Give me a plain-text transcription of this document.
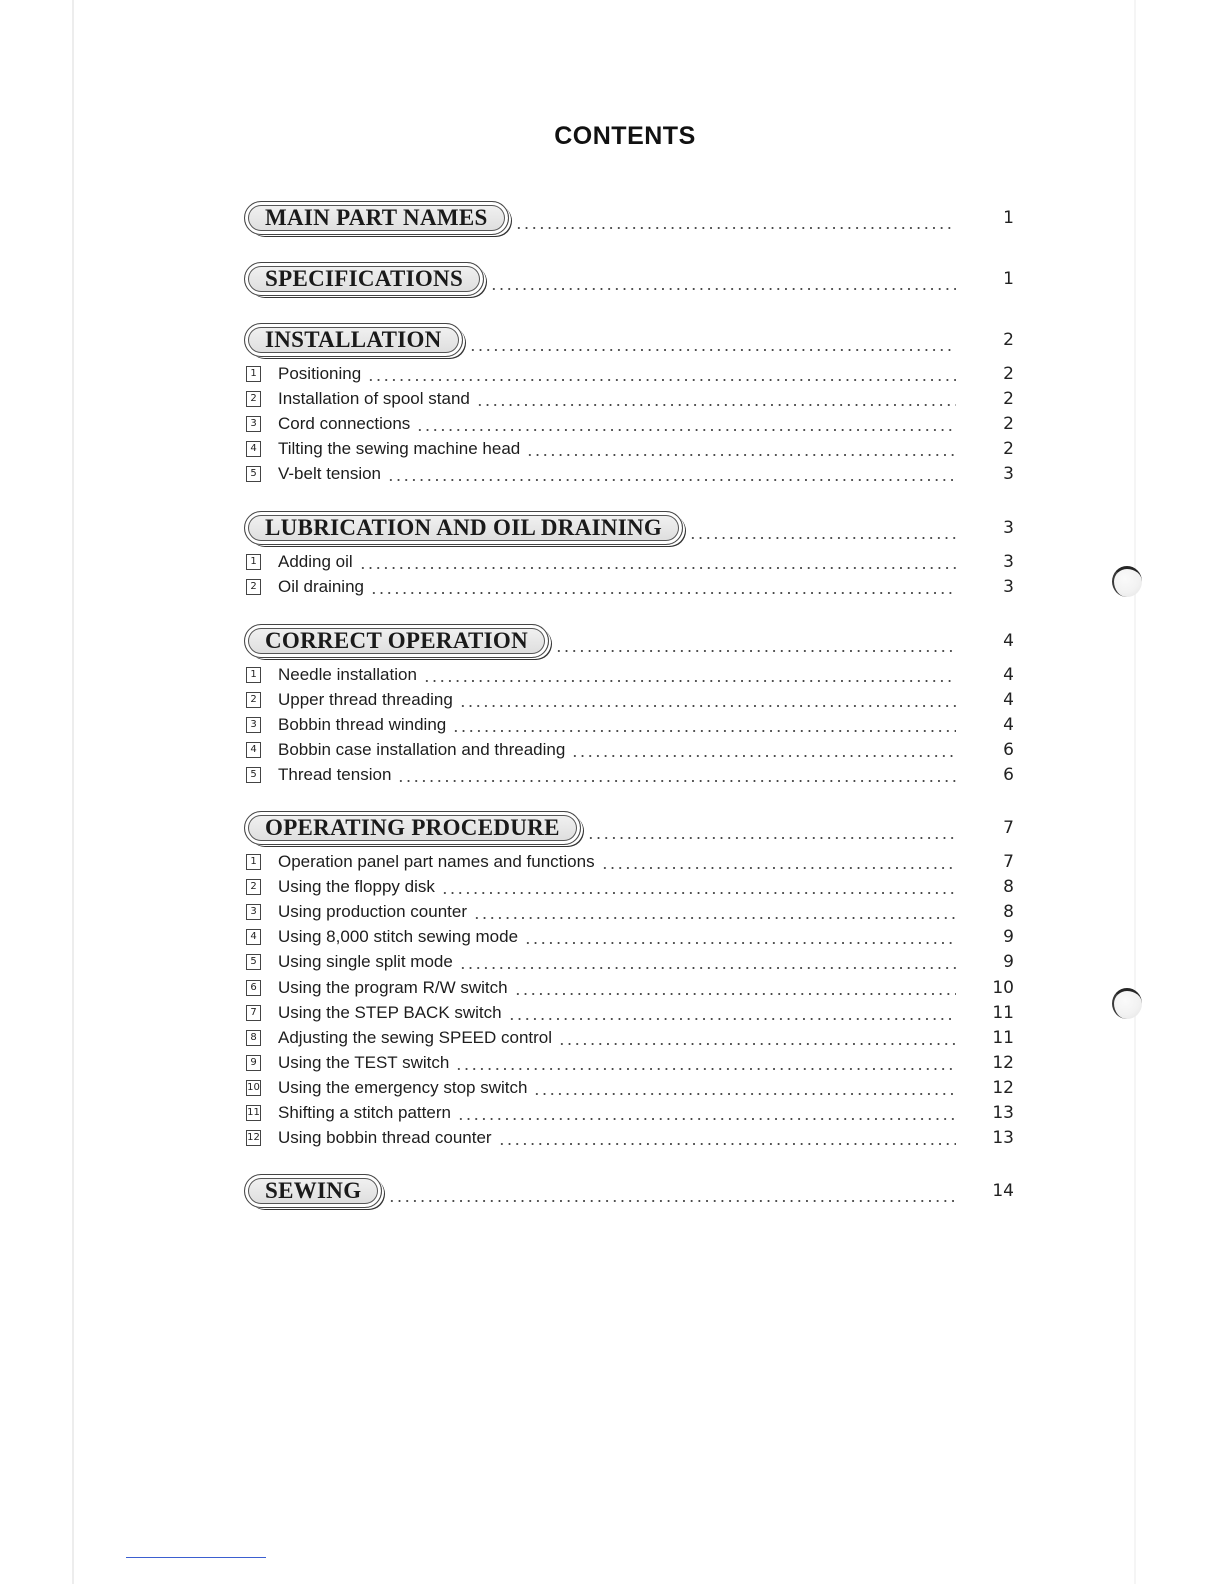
CONTENTS
MAIN PART NAMES	1
SPECIFICATIONS	1
INSTALLATION	2
1 Positioning	2
2 Installation of spool stand	2
3 Cord connections	2
4 Tilting the sewing machine head	2
5 V-belt tension	3
LUBRICATION AND OIL DRAINING	3
1 Adding oil	3
2 Oil draining	3
CORRECT OPERATION	4
1 Needle installation	4
2 Upper thread threading	4
3 Bobbin thread winding	4
4 Bobbin case installation and threading	6
5 Thread tension	6
OPERATING PROCEDURE	7
1 Operation panel part names and functions	7
2 Using the floppy disk	8
3 Using production counter	8
4 Using 8,000 stitch sewing mode	9
5 Using single split mode	9
6 Using the program R/W switch	10
7 Using the STEP BACK switch	11
8 Adjusting the sewing SPEED control	11
9 Using the TEST switch	12
10 Using the emergency stop switch	12
11 Shifting a stitch pattern	13
12 Using bobbin thread counter	13
SEWING	14
